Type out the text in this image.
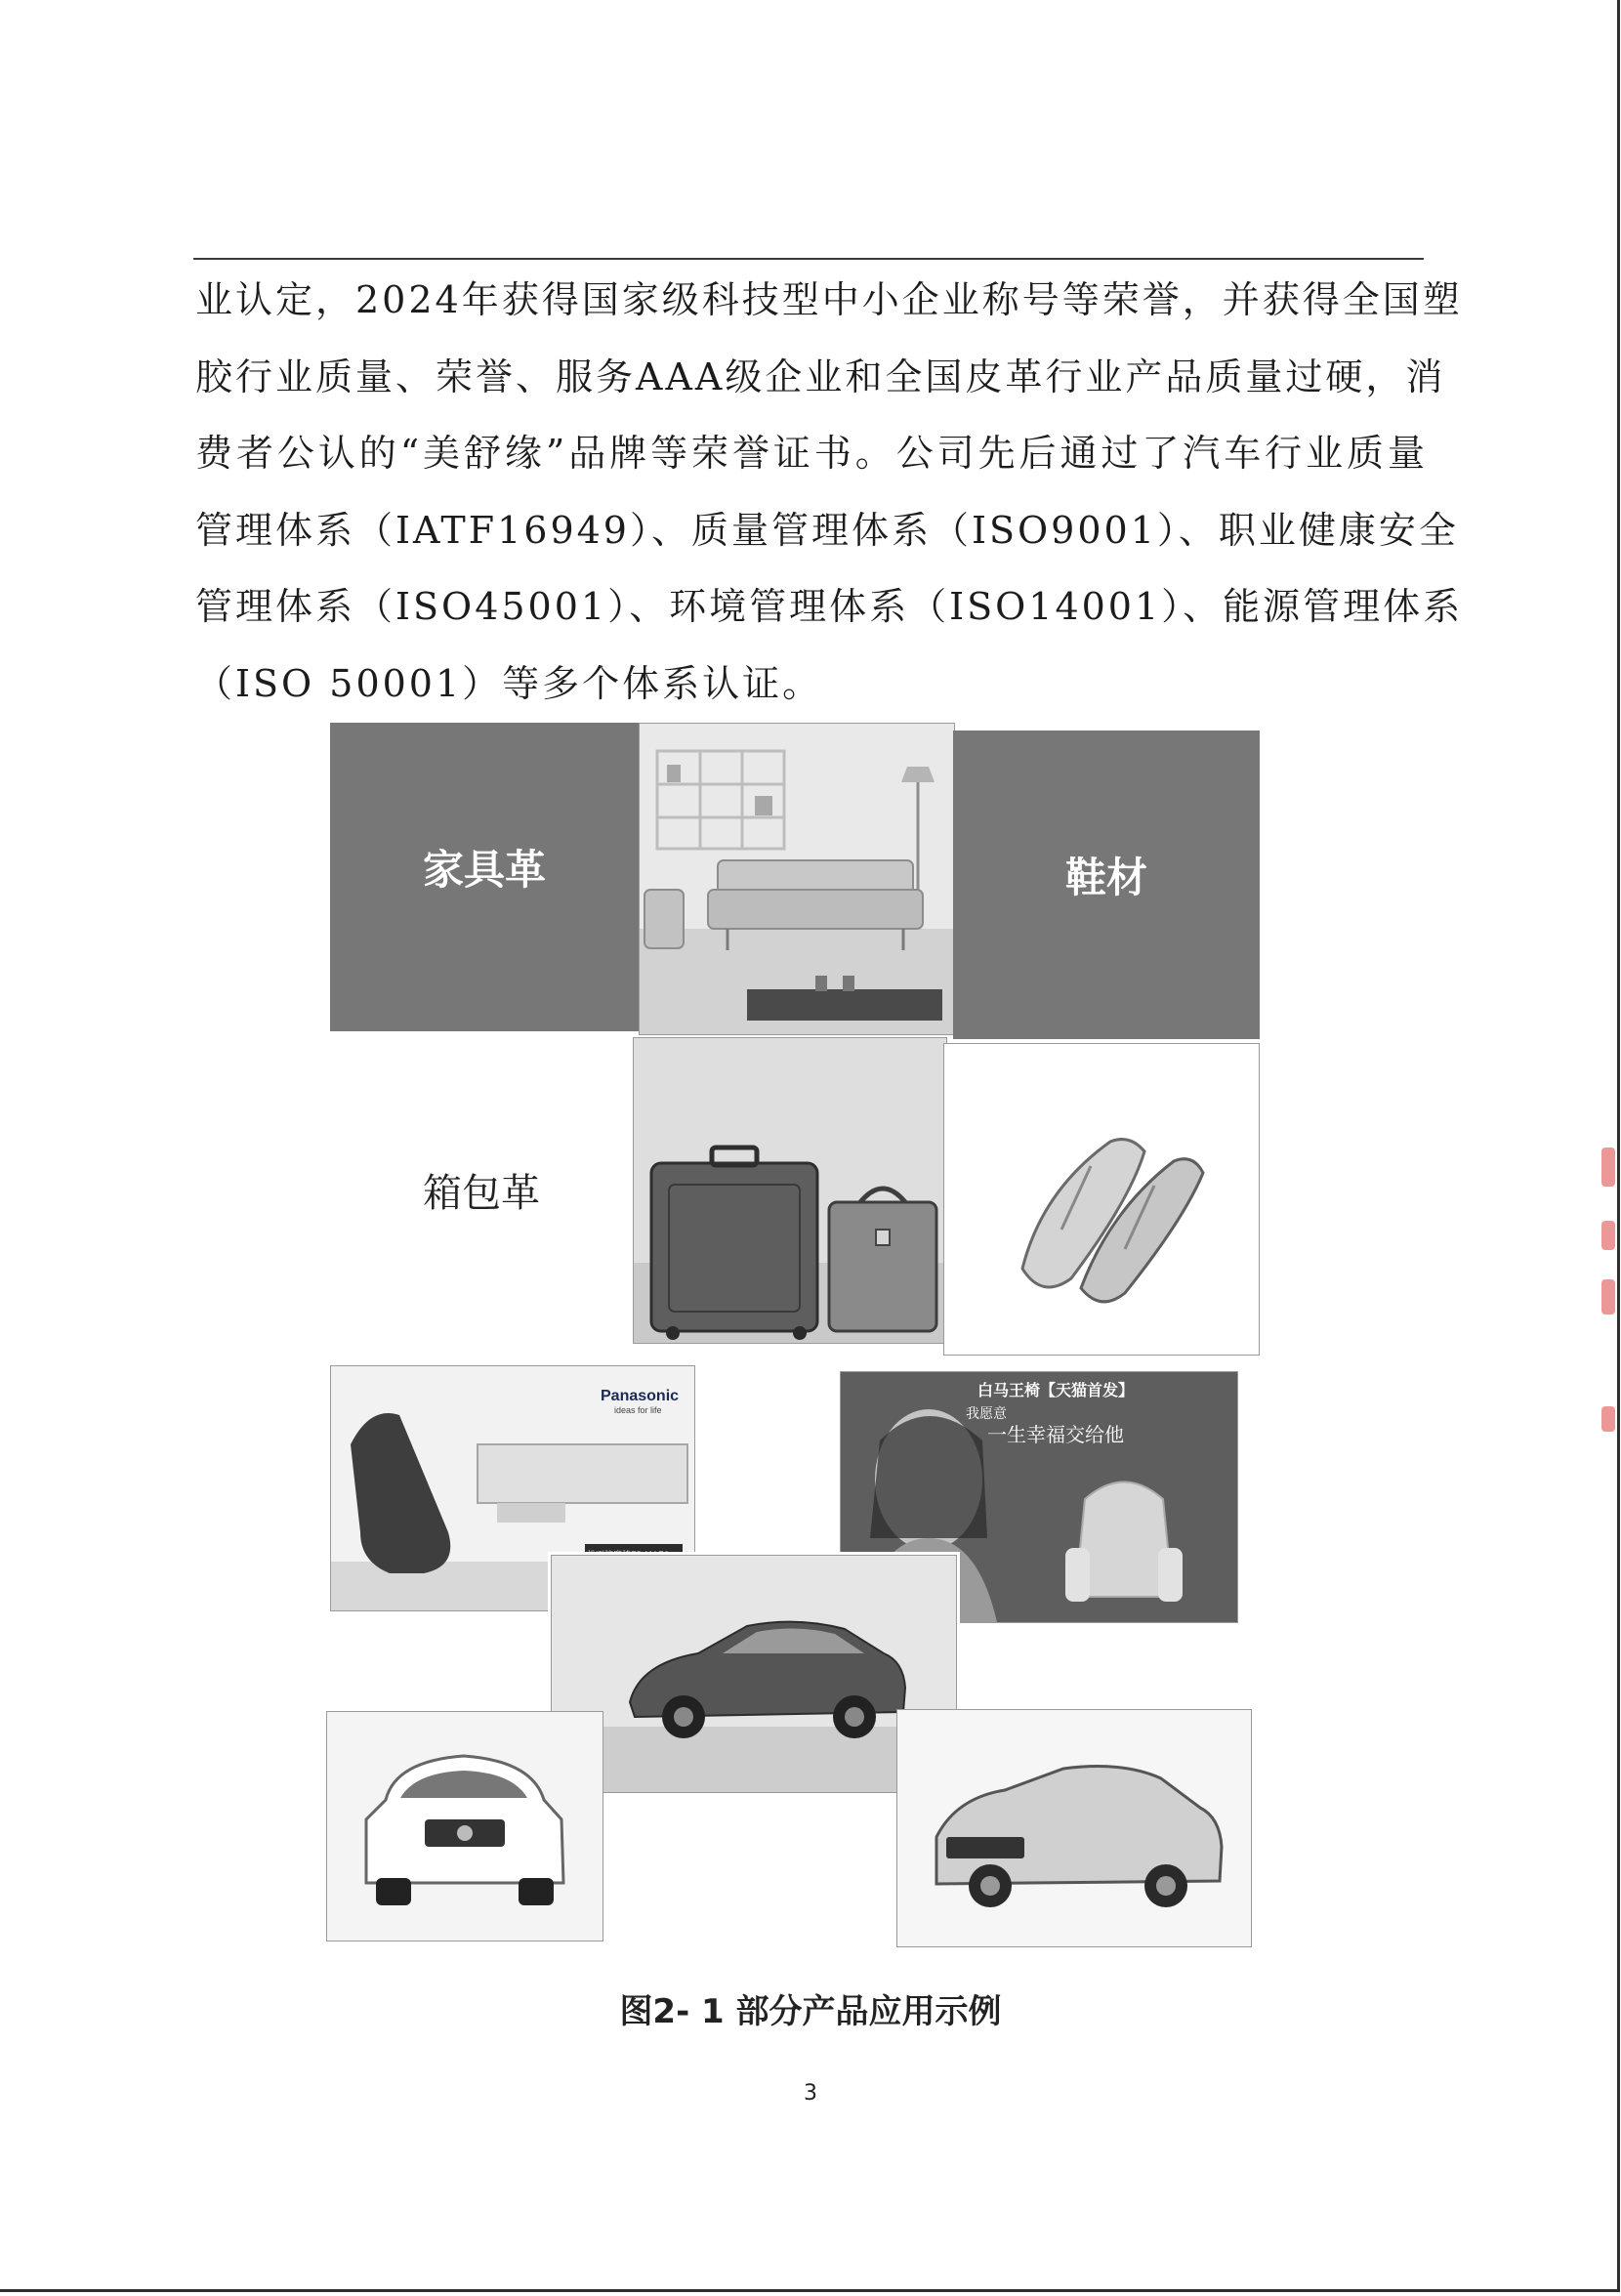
业认定，2024年获得国家级科技型中小企业称号等荣誉，并获得全国塑
胶行业质量、荣誉、服务AAA级企业和全国皮革行业产品质量过硬，消
费者公认的“美舒缘”品牌等荣誉证书。公司先后通过了汽车行业质量
管理体系（IATF16949）、质量管理体系（ISO9001）、职业健康安全
管理体系（ISO45001）、环境管理体系（ISO14001）、能源管理体系
（ISO 50001）等多个体系认证。
家具革	鞋材
箱包革
Panasonic
ideas for life
白马王椅【天猫首发】
我愿意
一生幸福交给他
图2- 1 部分产品应用示例
3
